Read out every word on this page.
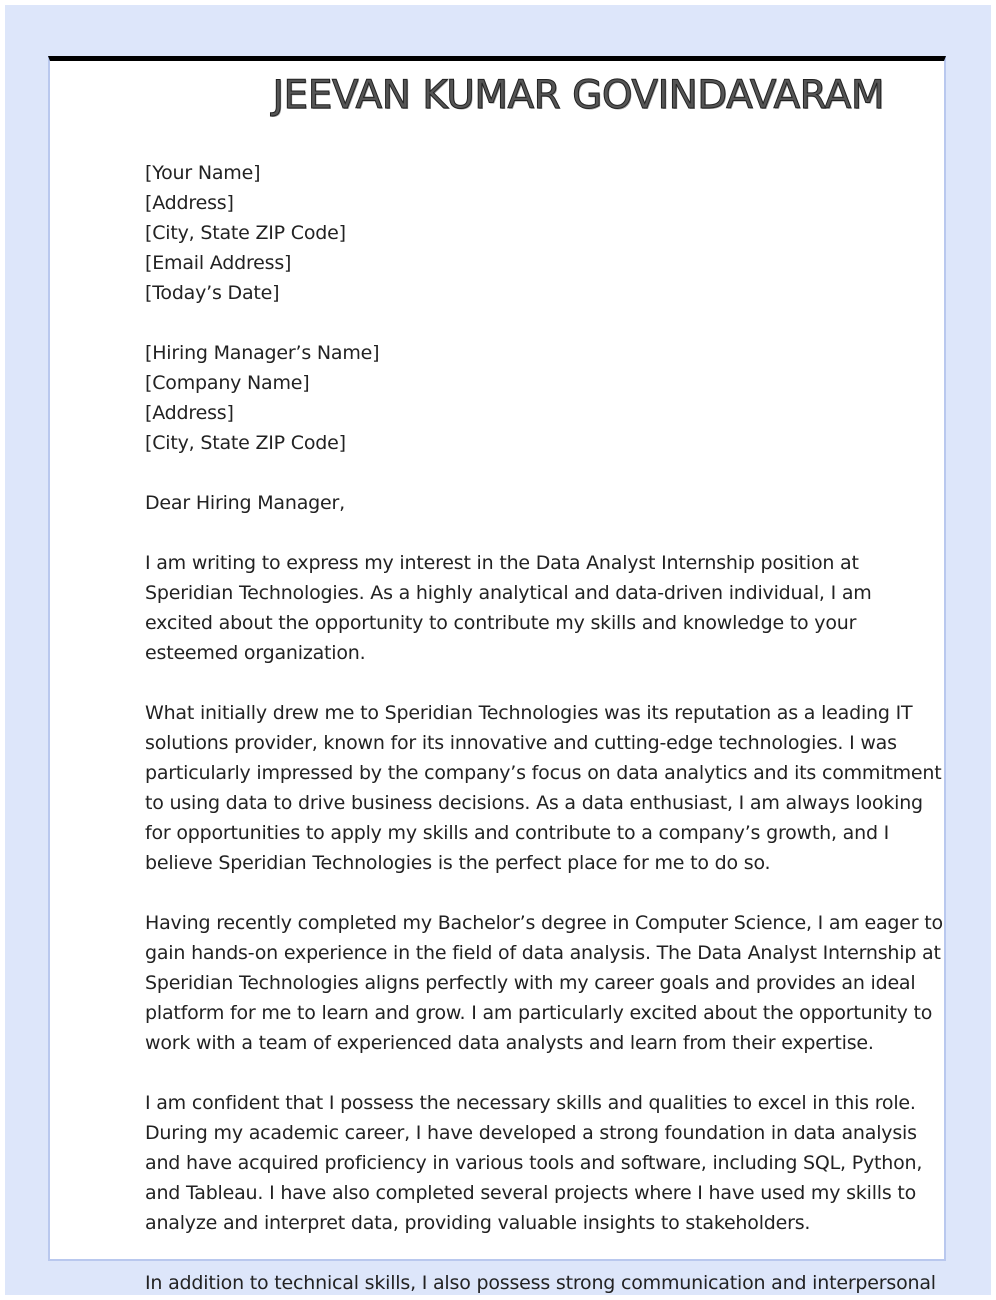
JEEVAN KUMAR GOVINDAVARAM
[Your Name]
[Address]
[City, State ZIP Code]
[Email Address]
[Today’s Date]
[Hiring Manager’s Name]
[Company Name]
[Address]
[City, State ZIP Code]
Dear Hiring Manager,

I am writing to express my interest in the Data Analyst Internship position at Speridian Technologies. As a highly analytical and data-driven individual, I am excited about the opportunity to contribute my skills and knowledge to your esteemed organization.

What initially drew me to Speridian Technologies was its reputation as a leading IT solutions provider, known for its innovative and cutting-edge technologies. I was particularly impressed by the company’s focus on data analytics and its commitment to using data to drive business decisions. As a data enthusiast, I am always looking for opportunities to apply my skills and contribute to a company’s growth, and I believe Speridian Technologies is the perfect place for me to do so.

Having recently completed my Bachelor’s degree in Computer Science, I am eager to gain hands-on experience in the field of data analysis. The Data Analyst Internship at Speridian Technologies aligns perfectly with my career goals and provides an ideal platform for me to learn and grow. I am particularly excited about the opportunity to work with a team of experienced data analysts and learn from their expertise.

I am confident that I possess the necessary skills and qualities to excel in this role. During my academic career, I have developed a strong foundation in data analysis and have acquired proficiency in various tools and software, including SQL, Python, and Tableau. I have also completed several projects where I have used my skills to analyze and interpret data, providing valuable insights to stakeholders.

In addition to technical skills, I also possess strong communication and interpersonal
